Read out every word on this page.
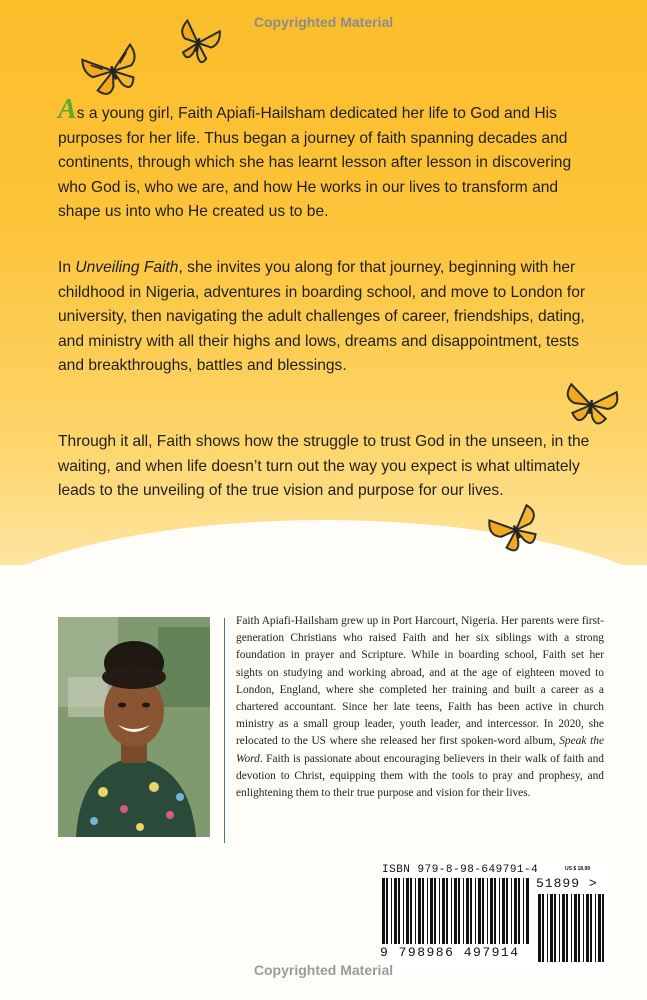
Copyrighted Material

As a young girl, Faith Apiafi-Hailsham dedicated her life to God and His purposes for her life. Thus began a journey of faith spanning decades and continents, through which she has learnt lesson after lesson in discovering who God is, who we are, and how He works in our lives to transform and shape us into who He created us to be.

In Unveiling Faith, she invites you along for that journey, beginning with her childhood in Nigeria, adventures in boarding school, and move to London for university, then navigating the adult challenges of career, friendships, dating, and ministry with all their highs and lows, dreams and disappointment, tests and breakthroughs, battles and blessings.

Through it all, Faith shows how the struggle to trust God in the unseen, in the waiting, and when life doesn’t turn out the way you expect is what ultimately leads to the unveiling of the true vision and purpose for our lives.

Faith Apiafi-Hailsham grew up in Port Harcourt, Nigeria. Her parents were first-generation Christians who raised Faith and her six siblings with a strong foundation in prayer and Scripture. While in boarding school, Faith set her sights on studying and working abroad, and at the age of eighteen moved to London, England, where she completed her training and built a career as a chartered accountant. Since her late teens, Faith has been active in church ministry as a small group leader, youth leader, and intercessor. In 2020, she relocated to the US where she released her first spoken-word album, Speak the Word. Faith is passionate about encouraging believers in their walk of faith and devotion to Christ, equipping them with the tools to pray and prophesy, and enlightening them to their true purpose and vision for their lives.

ISBN 979-8-98-649791-4	US $ 18.99
51899 >
9 798986 497914
Copyrighted Material
